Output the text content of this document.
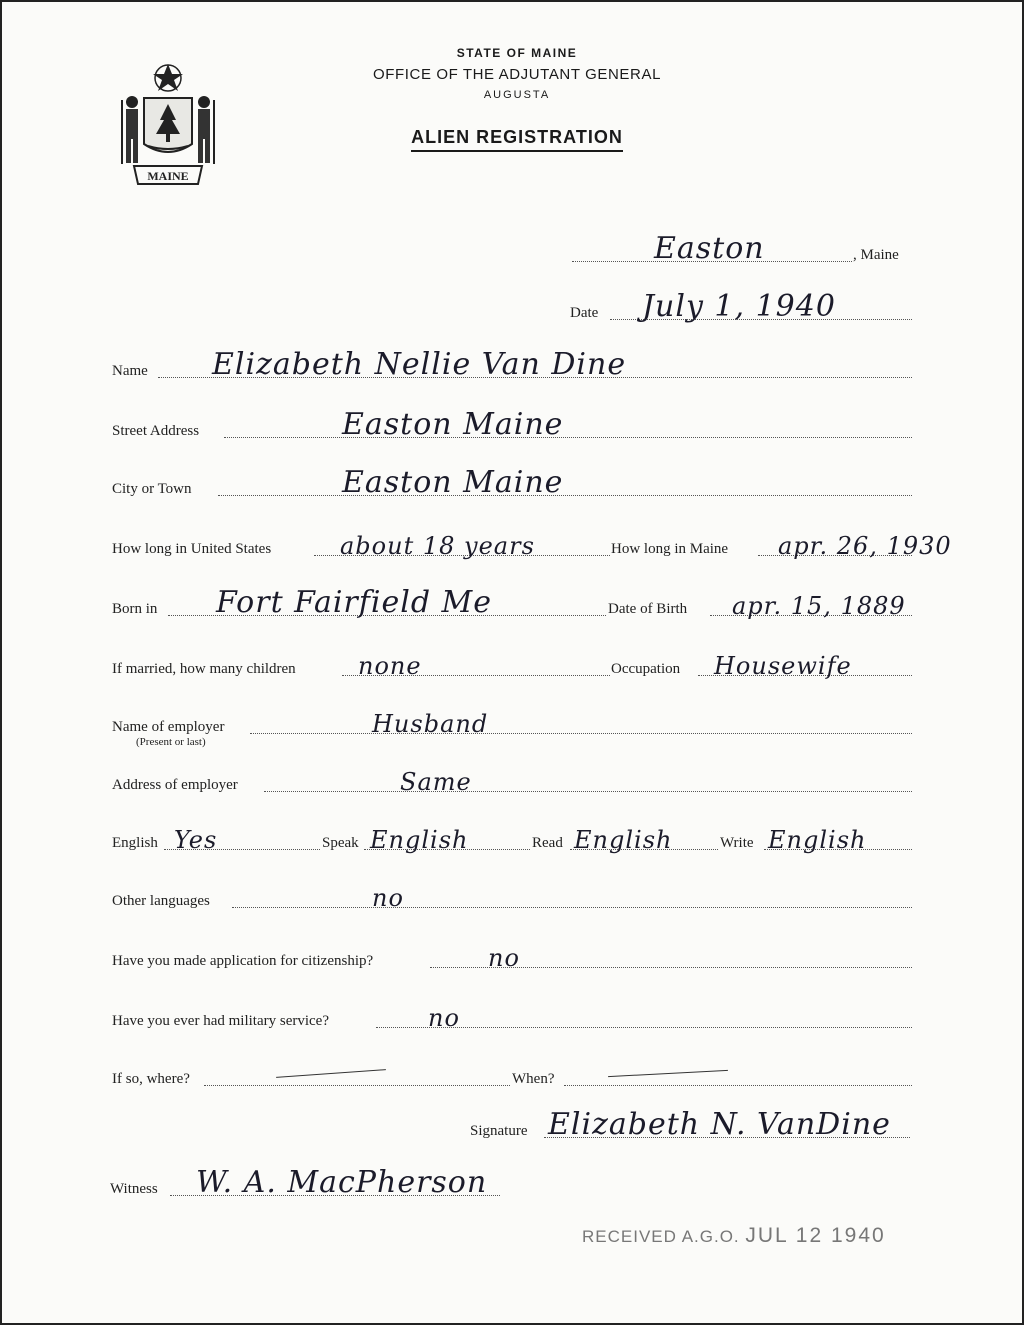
MAINE
STATE OF MAINE
OFFICE OF THE ADJUTANT GENERAL
AUGUSTA
ALIEN REGISTRATION
Easton	, Maine
Date July 1, 1940
Name Elizabeth Nellie Van Dine
Street Address	Easton Maine
City or Town	Easton Maine
How long in United States	about 18 years	How long in Maine apr. 26, 1930
Born in Fort Fairfield Me	Date of Birth apr. 15, 1889
If married, how many children	none	Occupation Housewife
Name of employer	Husband
(Present or last)
Address of employer	Same
English Yes	Speak English	Read English	Write English
Other languages	no
Have you made application for citizenship?	no
Have you ever had military service?	no
If so, where?	When?
Signature Elizabeth N. VanDine
Witness W. A. MacPherson
RECEIVED A.G.O. JUL 12 1940
